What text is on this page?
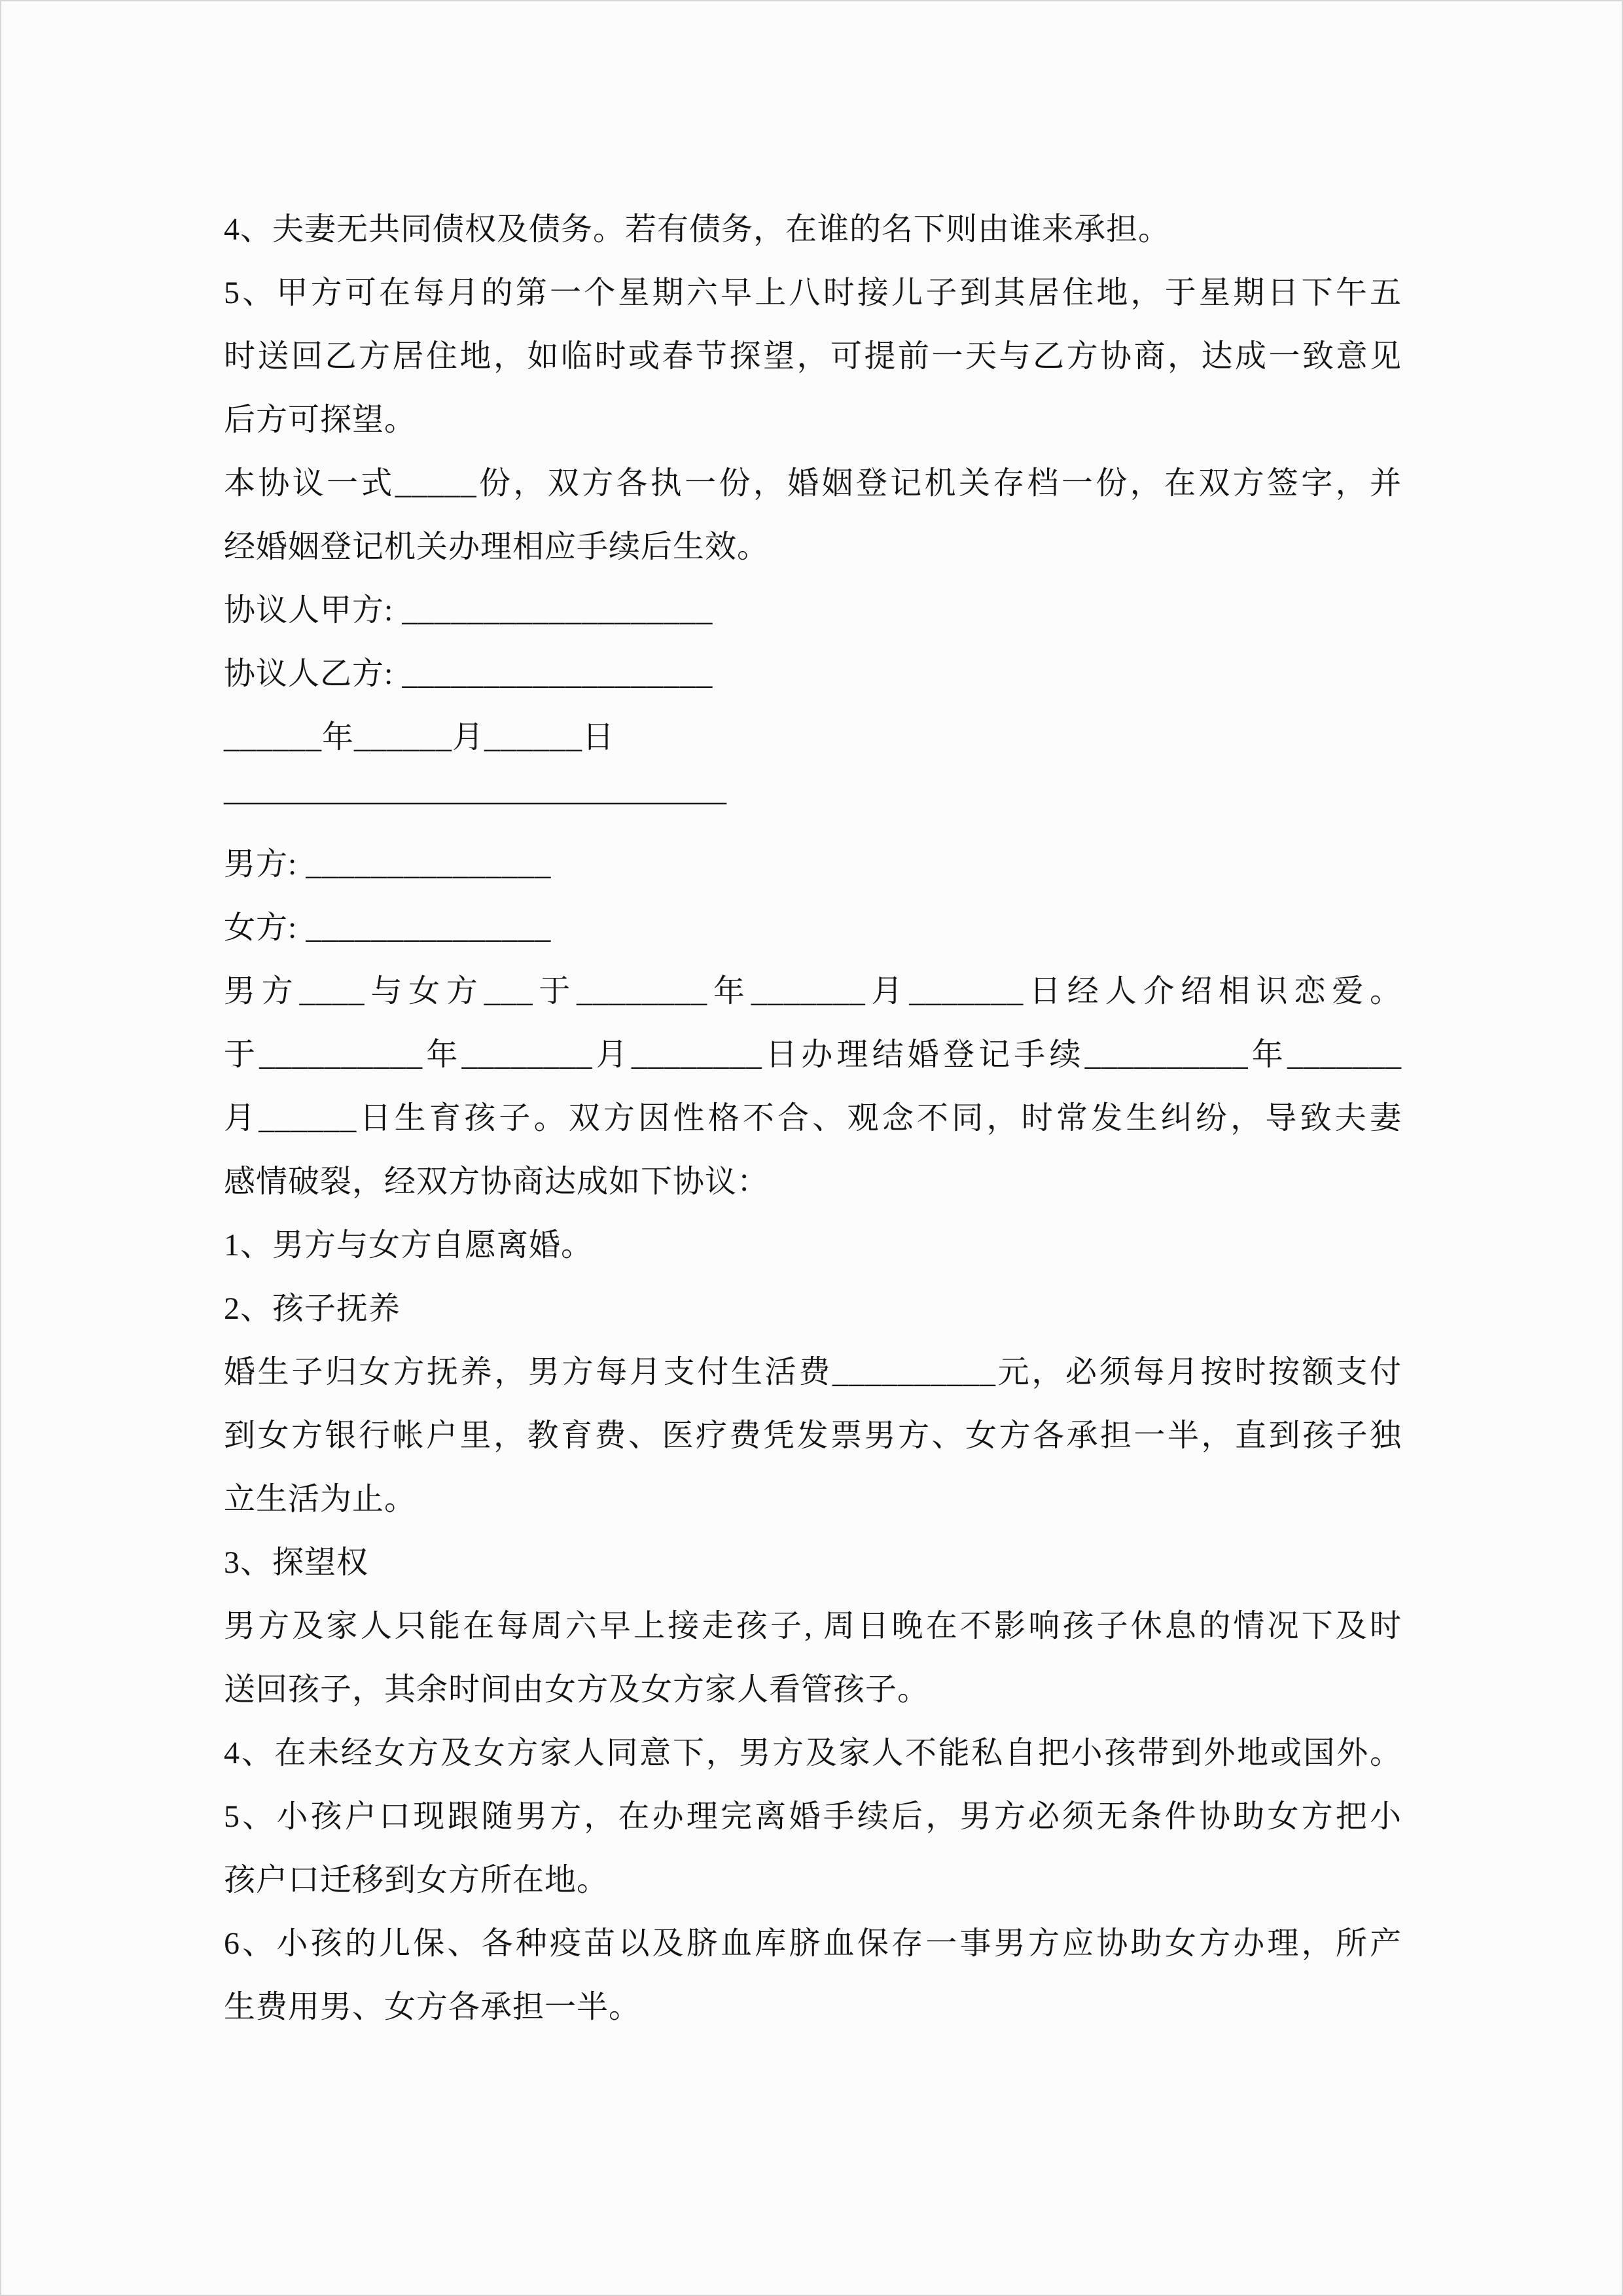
4、夫妻无共同债权及债务。若有债务，在谁的名下则由谁来承担。
5、甲方可在每月的第一个星期六早上八时接儿子到其居住地，于星期日下午五
时送回乙方居住地，如临时或春节探望，可提前一天与乙方协商，达成一致意见
后方可探望。
本协议一式_____份，双方各执一份，婚姻登记机关存档一份，在双方签字，并
经婚姻登记机关办理相应手续后生效。
协议人甲方: ___________________
协议人乙方: ___________________
______年______月______日
————————————————
男方: _______________
女方: _______________
男方____与女方___于________年_______月_______日经人介绍相识恋爱。
于__________年________月________日办理结婚登记手续__________年_______
月______日生育孩子。双方因性格不合、观念不同，时常发生纠纷，导致夫妻
感情破裂，经双方协商达成如下协议：
1、男方与女方自愿离婚。
2、孩子抚养
婚生子归女方抚养，男方每月支付生活费__________元，必须每月按时按额支付
到女方银行帐户里，教育费、医疗费凭发票男方、女方各承担一半，直到孩子独
立生活为止。
3、探望权
男方及家人只能在每周六早上接走孩子, 周日晚在不影响孩子休息的情况下及时
送回孩子，其余时间由女方及女方家人看管孩子。
4、在未经女方及女方家人同意下，男方及家人不能私自把小孩带到外地或国外。
5、小孩户口现跟随男方，在办理完离婚手续后，男方必须无条件协助女方把小
孩户口迁移到女方所在地。
6、小孩的儿保、各种疫苗以及脐血库脐血保存一事男方应协助女方办理，所产
生费用男、女方各承担一半。
